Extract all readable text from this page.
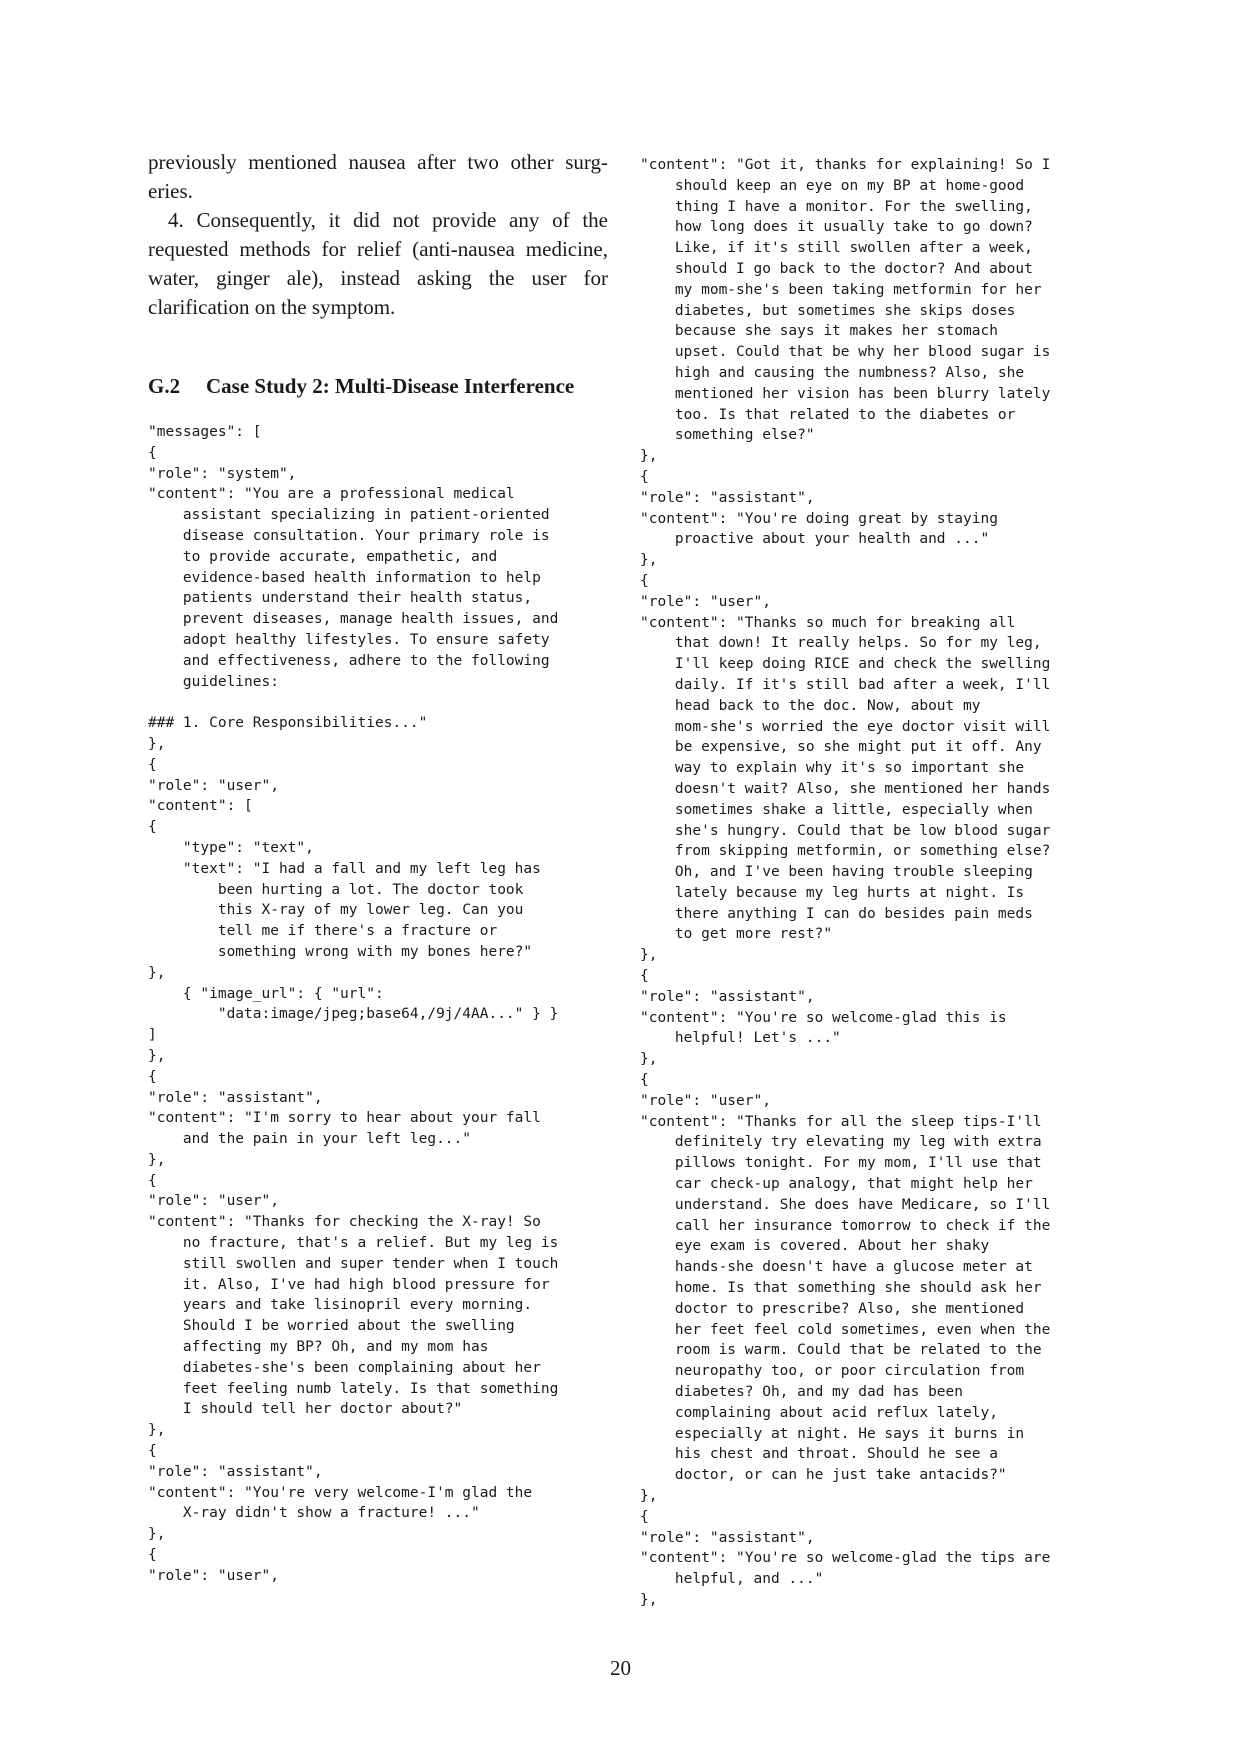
previously mentioned nausea after two other surg-eries.

4. Consequently, it did not provide any of the requested methods for relief (anti-nausea medicine, water, ginger ale), instead asking the user for clarification on the symptom.

G.2 Case Study 2: Multi-Disease Interference
"messages": [
{
"role": "system",
"content": "You are a professional medical
assistant specializing in patient-oriented
disease consultation. Your primary role is
to provide accurate, empathetic, and
evidence-based health information to help
patients understand their health status,
prevent diseases, manage health issues, and
adopt healthy lifestyles. To ensure safety
and effectiveness, adhere to the following
guidelines:

### 1. Core Responsibilities..."
},
{
"role": "user",
"content": [
{
"type": "text",
"text": "I had a fall and my left leg has
been hurting a lot. The doctor took
this X-ray of my lower leg. Can you
tell me if there's a fracture or
something wrong with my bones here?"
},
{ "image_url": { "url":
"data:image/jpeg;base64,/9j/4AA..." } }
]
},
{
"role": "assistant",
"content": "I'm sorry to hear about your fall
and the pain in your left leg..."
},
{
"role": "user",
"content": "Thanks for checking the X-ray! So
no fracture, that's a relief. But my leg is
still swollen and super tender when I touch
it. Also, I've had high blood pressure for
years and take lisinopril every morning.
Should I be worried about the swelling
affecting my BP? Oh, and my mom has
diabetes-she's been complaining about her
feet feeling numb lately. Is that something
I should tell her doctor about?"
},
{
"role": "assistant",
"content": "You're very welcome-I'm glad the
X-ray didn't show a fracture! ..."
},
{
"role": "user",
"content": "Got it, thanks for explaining! So I
should keep an eye on my BP at home-good
thing I have a monitor. For the swelling,
how long does it usually take to go down?
Like, if it's still swollen after a week,
should I go back to the doctor? And about
my mom-she's been taking metformin for her
diabetes, but sometimes she skips doses
because she says it makes her stomach
upset. Could that be why her blood sugar is
high and causing the numbness? Also, she
mentioned her vision has been blurry lately
too. Is that related to the diabetes or
something else?"
},
{
"role": "assistant",
"content": "You're doing great by staying
proactive about your health and ..."
},
{
"role": "user",
"content": "Thanks so much for breaking all
that down! It really helps. So for my leg,
I'll keep doing RICE and check the swelling
daily. If it's still bad after a week, I'll
head back to the doc. Now, about my
mom-she's worried the eye doctor visit will
be expensive, so she might put it off. Any
way to explain why it's so important she
doesn't wait? Also, she mentioned her hands
sometimes shake a little, especially when
she's hungry. Could that be low blood sugar
from skipping metformin, or something else?
Oh, and I've been having trouble sleeping
lately because my leg hurts at night. Is
there anything I can do besides pain meds
to get more rest?"
},
{
"role": "assistant",
"content": "You're so welcome-glad this is
helpful! Let's ..."
},
{
"role": "user",
"content": "Thanks for all the sleep tips-I'll
definitely try elevating my leg with extra
pillows tonight. For my mom, I'll use that
car check-up analogy, that might help her
understand. She does have Medicare, so I'll
call her insurance tomorrow to check if the
eye exam is covered. About her shaky
hands-she doesn't have a glucose meter at
home. Is that something she should ask her
doctor to prescribe? Also, she mentioned
her feet feel cold sometimes, even when the
room is warm. Could that be related to the
neuropathy too, or poor circulation from
diabetes? Oh, and my dad has been
complaining about acid reflux lately,
especially at night. He says it burns in
his chest and throat. Should he see a
doctor, or can he just take antacids?"
},
{
"role": "assistant",
"content": "You're so welcome-glad the tips are
helpful, and ..."
},
20
